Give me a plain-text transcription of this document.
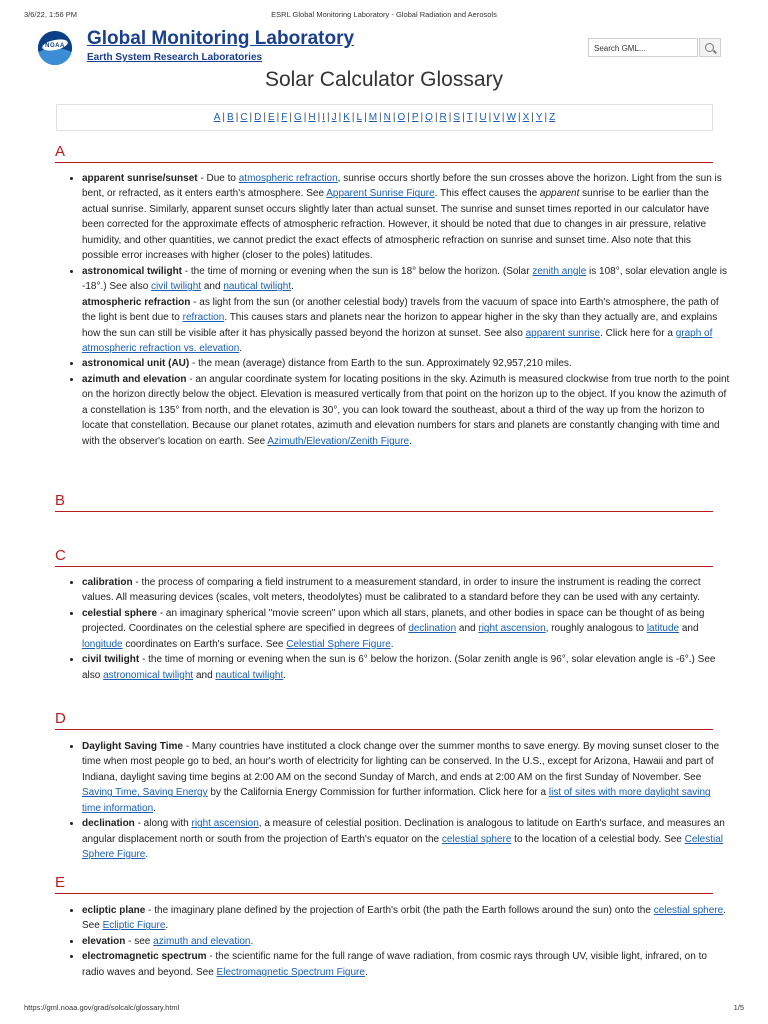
3/6/22, 1:56 PM	ESRL Global Monitoring Laboratory - Global Radiation and Aerosols
NOAA	Global Monitoring Laboratory
Earth System Research Laboratories
Search GML...
Solar Calculator Glossary
A | B | C | D | E | F | G | H | I | J | K | L | M | N | O | P | Q | R | S | T | U | V | W | X | Y | Z
A
• apparent sunrise/sunset - Due to atmospheric refraction, sunrise occurs shortly before the sun crosses above the horizon. Light from the sun is bent, or refracted, as it enters earth's atmosphere. See Apparent Sunrise Figure. This effect causes the apparent sunrise to be earlier than the actual sunrise. Similarly, apparent sunset occurs slightly later than actual sunset. The sunrise and sunset times reported in our calculator have been corrected for the approximate effects of atmospheric refraction. However, it should be noted that due to changes in air pressure, relative humidity, and other quantities, we cannot predict the exact effects of atmospheric refraction on sunrise and sunset time. Also note that this possible error increases with higher (closer to the poles) latitudes.
• astronomical twilight - the time of morning or evening when the sun is 18° below the horizon. (Solar zenith angle is 108°, solar elevation angle is -18°.) See also civil twilight and nautical twilight.
atmospheric refraction - as light from the sun (or another celestial body) travels from the vacuum of space into Earth's atmosphere, the path of the light is bent due to refraction. This causes stars and planets near the horizon to appear higher in the sky than they actually are, and explains how the sun can still be visible after it has physically passed beyond the horizon at sunset. See also apparent sunrise. Click here for a graph of atmospheric refraction vs. elevation.
• astronomical unit (AU) - the mean (average) distance from Earth to the sun. Approximately 92,957,210 miles.
• azimuth and elevation - an angular coordinate system for locating positions in the sky. Azimuth is measured clockwise from true north to the point on the horizon directly below the object. Elevation is measured vertically from that point on the horizon up to the object. If you know the azimuth of a constellation is 135° from north, and the elevation is 30°, you can look toward the southeast, about a third of the way up from the horizon to locate that constellation. Because our planet rotates, azimuth and elevation numbers for stars and planets are constantly changing with time and with the observer's location on earth. See Azimuth/Elevation/Zenith Figure.
B
C
• calibration - the process of comparing a field instrument to a measurement standard, in order to insure the instrument is reading the correct values. All measuring devices (scales, volt meters, theodolytes) must be calibrated to a standard before they can be used with any certainty.
• celestial sphere - an imaginary spherical "movie screen" upon which all stars, planets, and other bodies in space can be thought of as being projected. Coordinates on the celestial sphere are specified in degrees of declination and right ascension, roughly analogous to latitude and longitude coordinates on Earth's surface. See Celestial Sphere Figure.
• civil twilight - the time of morning or evening when the sun is 6° below the horizon. (Solar zenith angle is 96°, solar elevation angle is -6°.) See also astronomical twilight and nautical twilight.
D
• Daylight Saving Time - Many countries have instituted a clock change over the summer months to save energy. By moving sunset closer to the time when most people go to bed, an hour's worth of electricity for lighting can be conserved. In the U.S., except for Arizona, Hawaii and part of Indiana, daylight saving time begins at 2:00 AM on the second Sunday of March, and ends at 2:00 AM on the first Sunday of November. See Saving Time, Saving Energy by the California Energy Commission for further information. Click here for a list of sites with more daylight saving time information.
• declination - along with right ascension, a measure of celestial position. Declination is analogous to latitude on Earth's surface, and measures an angular displacement north or south from the projection of Earth's equator on the celestial sphere to the location of a celestial body. See Celestial Sphere Figure.
E
• ecliptic plane - the imaginary plane defined by the projection of Earth's orbit (the path the Earth follows around the sun) onto the celestial sphere. See Ecliptic Figure.
• elevation - see azimuth and elevation.
• electromagnetic spectrum - the scientific name for the full range of wave radiation, from cosmic rays through UV, visible light, infrared, on to radio waves and beyond. See Electromagnetic Spectrum Figure.
https://gml.noaa.gov/grad/solcalc/glossary.html	1/5
